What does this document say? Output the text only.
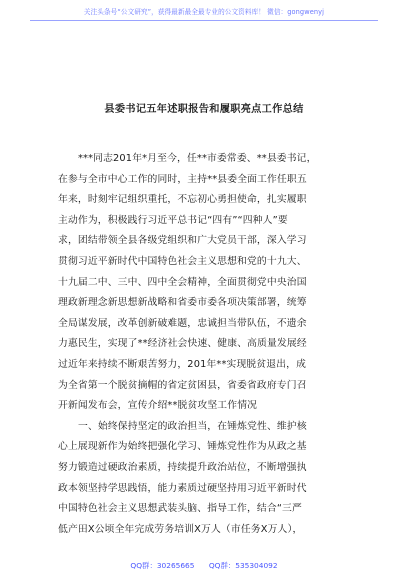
关注头条号“公文研究”，获得最新最全最专业的公文资料库！ 微信：gongwenyj
县委书记五年述职报告和履职亮点工作总结

***同志201年*月至今，任**市委常委、**县委书记，

在参与全市中心工作的同时，主持**县委全面工作任职五

年来，时刻牢记组织重托，不忘初心勇担使命，扎实履职

主动作为，积极践行习近平总书记“四有”“四种人”要

求，团结带领全县各级党组织和广大党员干部，深入学习

贯彻习近平新时代中国特色社会主义思想和党的十九大、

十九届二中、三中、四中全会精神，全面贯彻党中央治国

理政新理念新思想新战略和省委市委各项决策部署，统筹

全局谋发展，改革创新破难题，忠诚担当带队伍，不遗余

力惠民生，实现了**经济社会快速、健康、高质量发展经

过近年来持续不断艰苦努力，201年**实现脱贫退出，成

为全省第一个脱贫摘帽的省定贫困县，省委省政府专门召

开新闻发布会，宣传介绍**脱贫攻坚工作情况

一、始终保持坚定的政治担当，在锤炼党性、维护核

心上展现新作为始终把强化学习、锤炼党性作为从政之基

努力锻造过硬政治素质，持续提升政治站位，不断增强执

政本领坚持学思践悟，能力素质过硬坚持用习近平新时代

中国特色社会主义思想武装头脑、指导工作，结合“三严

低产田X公顷全年完成劳务培训X万人（市任务X万人），

QQ群：30265665 QQ群：535304092
